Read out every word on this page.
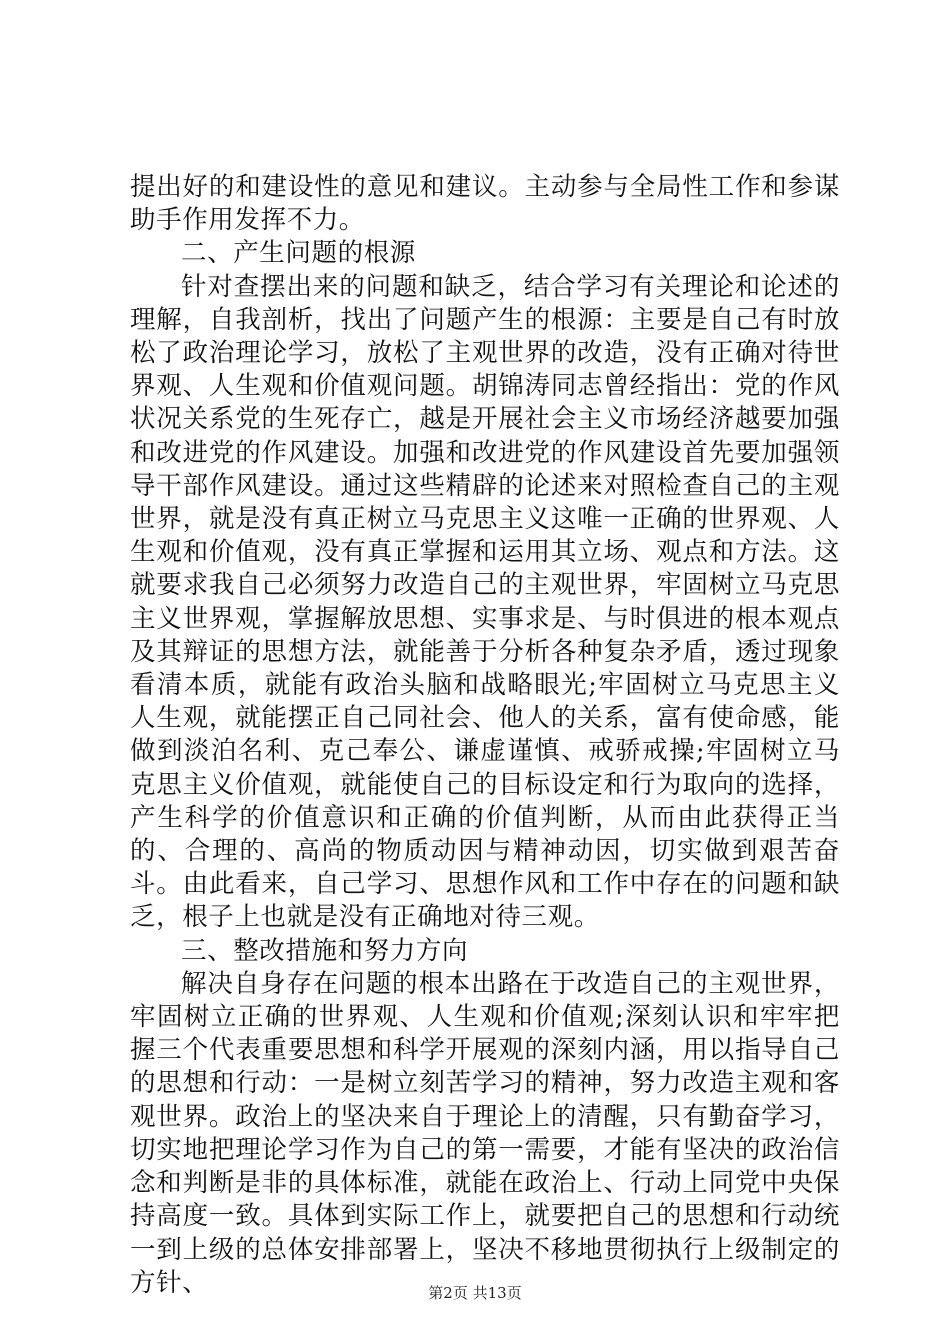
提出好的和建设性的意见和建议。主动参与全局性工作和参谋助手作用发挥不力。

二、产生问题的根源

针对查摆出来的问题和缺乏，结合学习有关理论和论述的理解，自我剖析，找出了问题产生的根源：主要是自己有时放松了政治理论学习，放松了主观世界的改造，没有正确对待世界观、人生观和价值观问题。胡锦涛同志曾经指出：党的作风状况关系党的生死存亡，越是开展社会主义市场经济越要加强和改进党的作风建设。加强和改进党的作风建设首先要加强领导干部作风建设。通过这些精辟的论述来对照检查自己的主观世界，就是没有真正树立马克思主义这唯一正确的世界观、人生观和价值观，没有真正掌握和运用其立场、观点和方法。这就要求我自己必须努力改造自己的主观世界，牢固树立马克思主义世界观，掌握解放思想、实事求是、与时俱进的根本观点及其辩证的思想方法，就能善于分析各种复杂矛盾，透过现象看清本质，就能有政治头脑和战略眼光;牢固树立马克思主义人生观，就能摆正自己同社会、他人的关系，富有使命感，能做到淡泊名利、克己奉公、谦虚谨慎、戒骄戒操;牢固树立马克思主义价值观，就能使自己的目标设定和行为取向的选择，产生科学的价值意识和正确的价值判断，从而由此获得正当的、合理的、高尚的物质动因与精神动因，切实做到艰苦奋斗。由此看来，自己学习、思想作风和工作中存在的问题和缺乏，根子上也就是没有正确地对待三观。

三、整改措施和努力方向

解决自身存在问题的根本出路在于改造自己的主观世界，牢固树立正确的世界观、人生观和价值观;深刻认识和牢牢把握三个代表重要思想和科学开展观的深刻内涵，用以指导自己的思想和行动：一是树立刻苦学习的精神，努力改造主观和客观世界。政治上的坚决来自于理论上的清醒，只有勤奋学习，切实地把理论学习作为自己的第一需要，才能有坚决的政治信念和判断是非的具体标准，就能在政治上、行动上同党中央保持高度一致。具体到实际工作上，就要把自己的思想和行动统一到上级的总体安排部署上，坚决不移地贯彻执行上级制定的方针、	第2页 共13页
